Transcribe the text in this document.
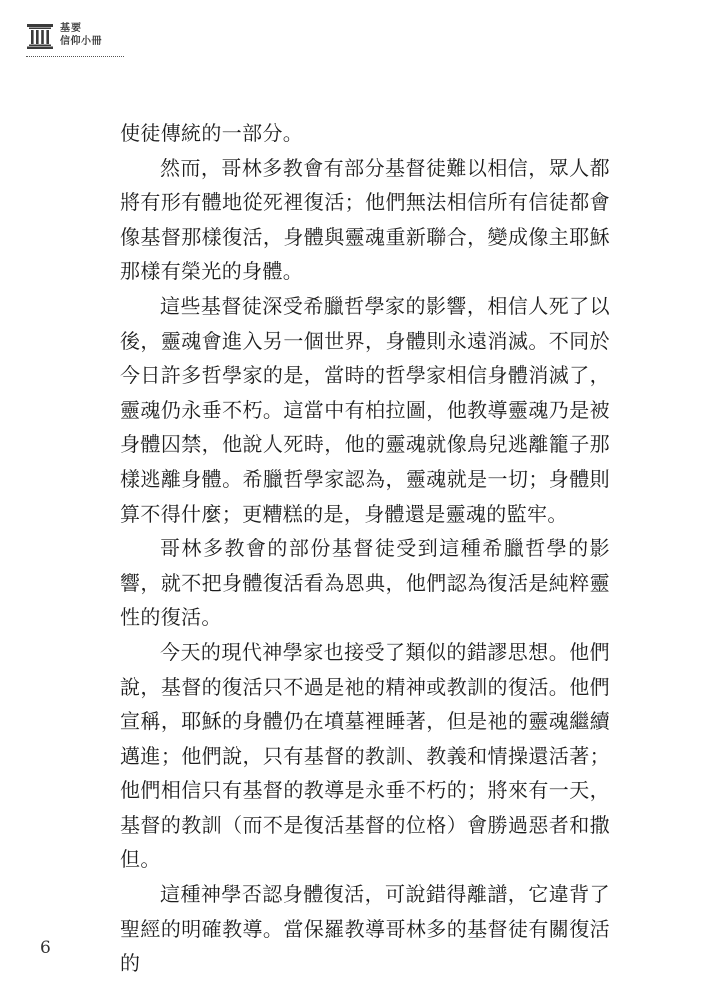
基要
信仰小冊

使徒傳統的一部分。

然而，哥林多教會有部分基督徒難以相信，眾人都將有形有體地從死裡復活；他們無法相信所有信徒都會像基督那樣復活，身體與靈魂重新聯合，變成像主耶穌那樣有榮光的身體。

這些基督徒深受希臘哲學家的影響，相信人死了以後，靈魂會進入另一個世界，身體則永遠消滅。不同於今日許多哲學家的是，當時的哲學家相信身體消滅了，靈魂仍永垂不朽。這當中有柏拉圖，他教導靈魂乃是被身體囚禁，他說人死時，他的靈魂就像鳥兒逃離籠子那樣逃離身體。希臘哲學家認為，靈魂就是一切；身體則算不得什麼；更糟糕的是，身體還是靈魂的監牢。

哥林多教會的部份基督徒受到這種希臘哲學的影響，就不把身體復活看為恩典，他們認為復活是純粹靈性的復活。

今天的現代神學家也接受了類似的錯謬思想。他們說，基督的復活只不過是祂的精神或教訓的復活。他們宣稱，耶穌的身體仍在墳墓裡睡著，但是祂的靈魂繼續邁進；他們說，只有基督的教訓、教義和情操還活著；他們相信只有基督的教導是永垂不朽的；將來有一天，基督的教訓（而不是復活基督的位格）會勝過惡者和撒但。

這種神學否認身體復活，可說錯得離譜，它違背了聖經的明確教導。當保羅教導哥林多的基督徒有關復活的

6
